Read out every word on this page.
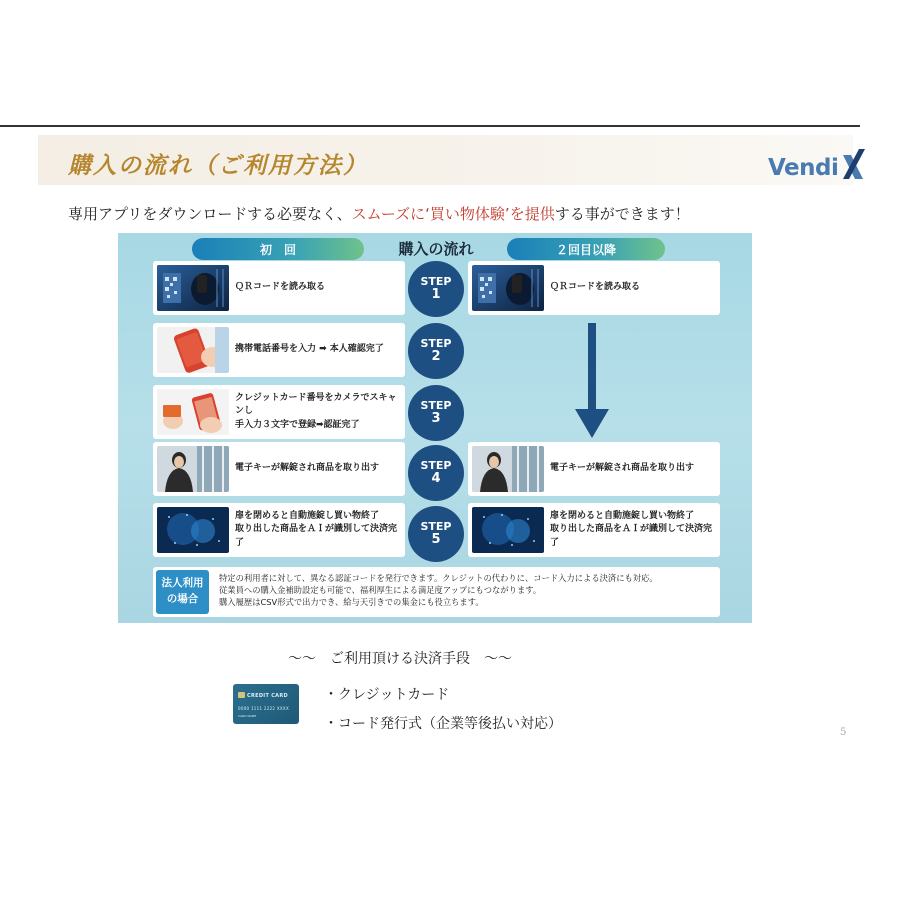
購入の流れ（ご利用方法）	Vendi
専用アプリをダウンロードする必要なく、スムーズに‘買い物体験’を提供する事ができます！
初　回	購入の流れ	２回目以降
ＱＲコードを読み取る
携帯電話番号を入力 ➡ 本人確認完了
クレジットカード番号をカメラでスキャンし
手入力３文字で登録➡認証完了
電子キーが解錠され商品を取り出す
扉を閉めると自動施錠し買い物終了
取り出した商品をＡＩが識別して決済完了
STEP
1
STEP
2
STEP
3
STEP
4
STEP
5
ＱＲコードを読み取る
電子キーが解錠され商品を取り出す
扉を閉めると自動施錠し買い物終了
取り出した商品をＡＩが識別して決済完了
法人利用
の場合
特定の利用者に対して、異なる認証コードを発行できます。クレジットの代わりに、コード入力による決済にも対応。
従業員への購入金補助設定も可能で、福利厚生による満足度アップにもつながります。
購入履歴はCSV形式で出力でき、給与天引きでの集金にも役立ちます。
〜〜　ご利用頂ける決済手段　〜〜
CREDIT CARD
0000 1111 2222 XXXX
CARD NAME
・クレジットカード
・コード発行式（企業等後払い対応）
5
